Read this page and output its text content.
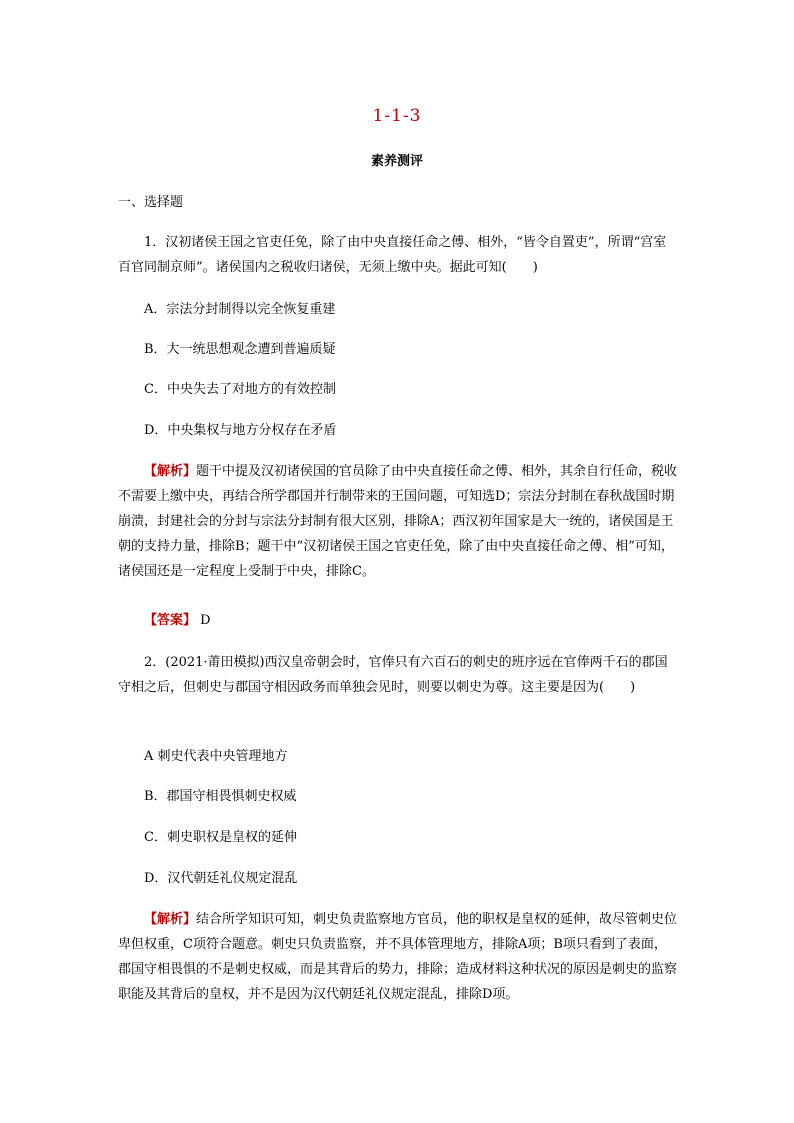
1-1-3
素养测评
一、选择题
1．汉初诸侯王国之官吏任免，除了由中央直接任命之傅、相外，“皆令自置吏”，所谓“宫室百官同制京师”。诸侯国内之税收归诸侯，无须上缴中央。据此可知(　　)
A．宗法分封制得以完全恢复重建
B．大一统思想观念遭到普遍质疑
C．中央失去了对地方的有效控制
D．中央集权与地方分权存在矛盾
【解析】题干中提及汉初诸侯国的官员除了由中央直接任命之傅、相外，其余自行任命，税收不需要上缴中央，再结合所学郡国并行制带来的王国问题，可知选D；宗法分封制在春秋战国时期崩溃，封建社会的分封与宗法分封制有很大区别，排除A；西汉初年国家是大一统的，诸侯国是王朝的支持力量，排除B；题干中“汉初诸侯王国之官吏任免，除了由中央直接任命之傅、相”可知，诸侯国还是一定程度上受制于中央，排除C。
【答案】 D
2．(2021·莆田模拟)西汉皇帝朝会时，官俸只有六百石的刺史的班序远在官俸两千石的郡国守相之后，但刺史与郡国守相因政务而单独会见时，则要以刺史为尊。这主要是因为(　　)
A 刺史代表中央管理地方
B．郡国守相畏惧刺史权威
C．刺史职权是皇权的延伸
D．汉代朝廷礼仪规定混乱
【解析】结合所学知识可知，刺史负责监察地方官员，他的职权是皇权的延伸，故尽管刺史位卑但权重，C项符合题意。刺史只负责监察，并不具体管理地方，排除A项；B项只看到了表面，郡国守相畏惧的不是刺史权威，而是其背后的势力，排除；造成材料这种状况的原因是刺史的监察职能及其背后的皇权，并不是因为汉代朝廷礼仪规定混乱，排除D项。
